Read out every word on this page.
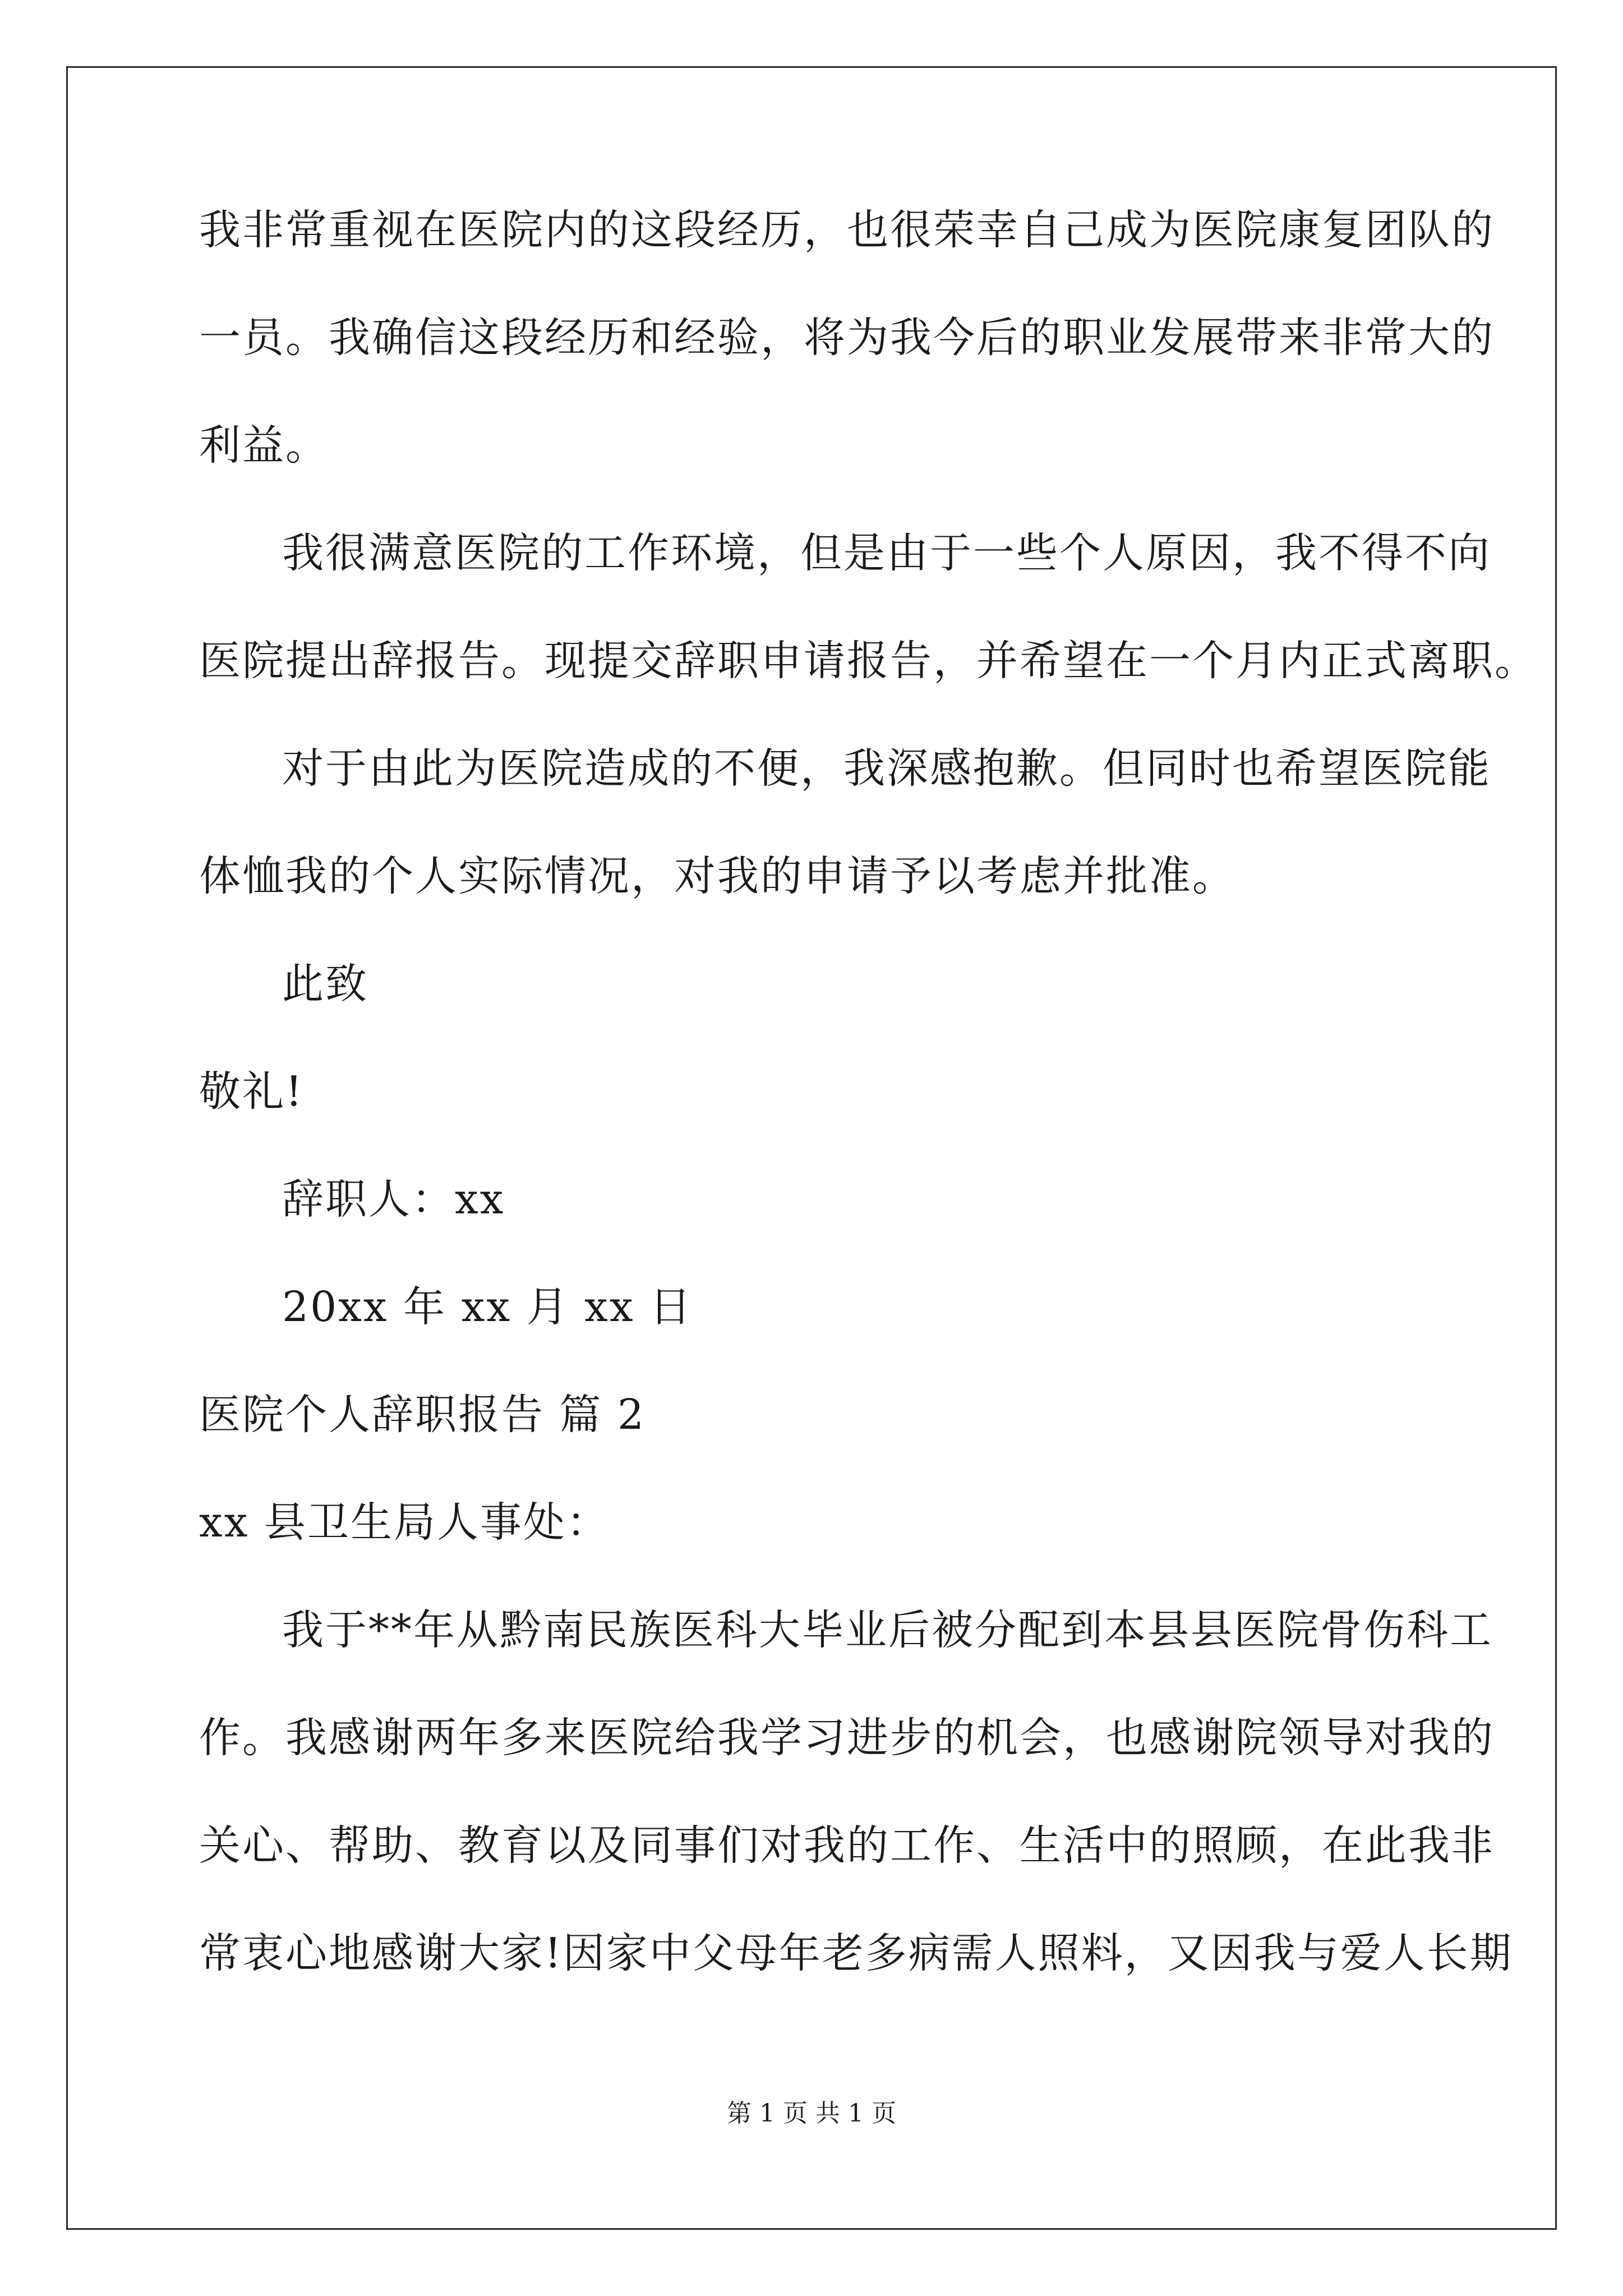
我非常重视在医院内的这段经历，也很荣幸自己成为医院康复团队的
一员。我确信这段经历和经验，将为我今后的职业发展带来非常大的
利益。
我很满意医院的工作环境，但是由于一些个人原因，我不得不向
医院提出辞报告。现提交辞职申请报告，并希望在一个月内正式离职。
对于由此为医院造成的不便，我深感抱歉。但同时也希望医院能
体恤我的个人实际情况，对我的申请予以考虑并批准。
此致
敬礼!
辞职人：xx
20xx 年 xx 月 xx 日
医院个人辞职报告 篇 2
xx 县卫生局人事处：
我于**年从黔南民族医科大毕业后被分配到本县县医院骨伤科工
作。我感谢两年多来医院给我学习进步的机会，也感谢院领导对我的
关心、帮助、教育以及同事们对我的工作、生活中的照顾，在此我非
常衷心地感谢大家!因家中父母年老多病需人照料，又因我与爱人长期
第 1 页 共 1 页
